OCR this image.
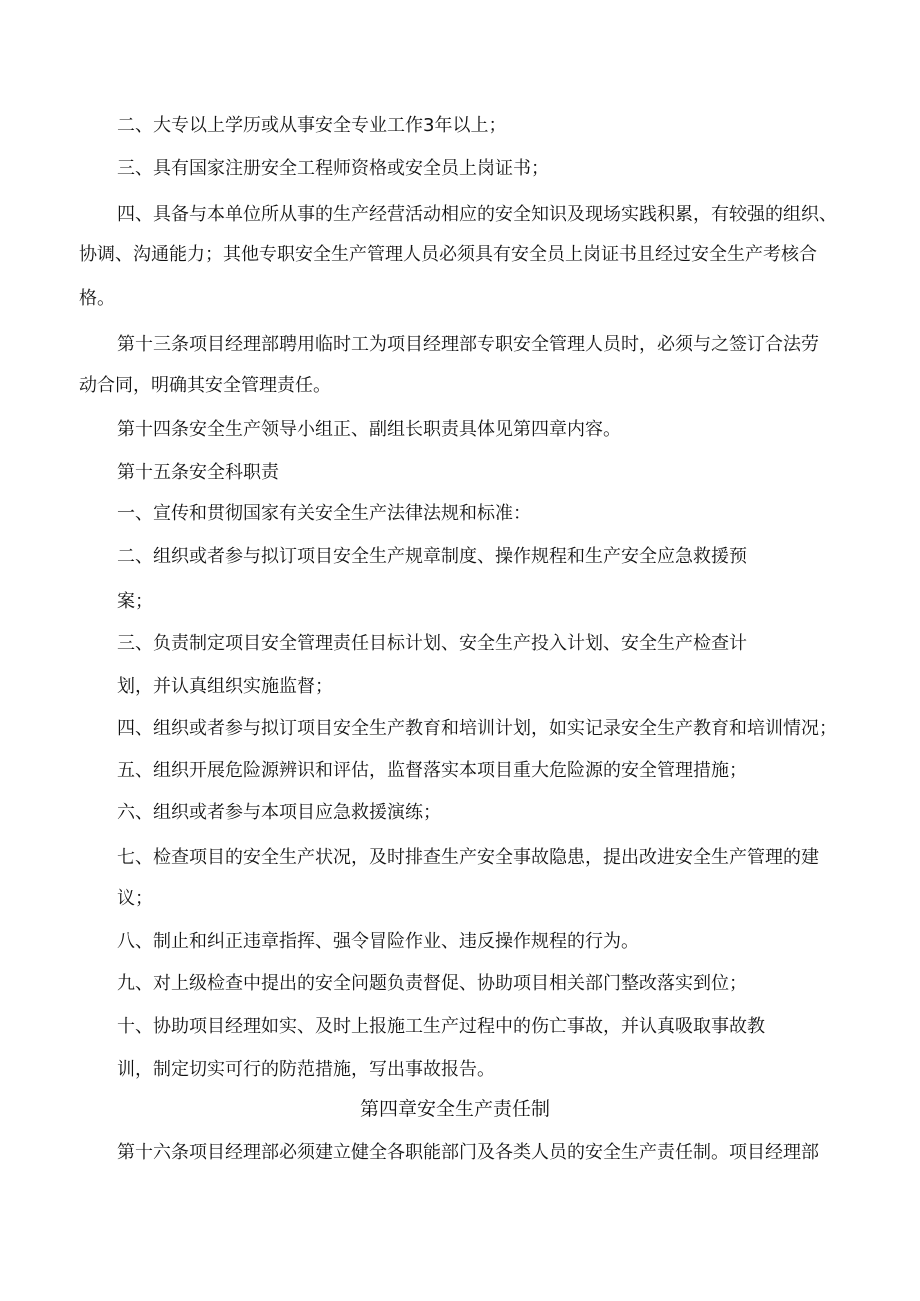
二、大专以上学历或从事安全专业工作3年以上；
三、具有国家注册安全工程师资格或安全员上岗证书；
四、具备与本单位所从事的生产经营活动相应的安全知识及现场实践积累，有较强的组织、
协调、沟通能力；其他专职安全生产管理人员必须具有安全员上岗证书且经过安全生产考核合
格。
第十三条项目经理部聘用临时工为项目经理部专职安全管理人员时，必须与之签订合法劳
动合同，明确其安全管理责任。
第十四条安全生产领导小组正、副组长职责具体见第四章内容。
第十五条安全科职责
一、宣传和贯彻国家有关安全生产法律法规和标准：
二、组织或者参与拟订项目安全生产规章制度、操作规程和生产安全应急救援预
案；
三、负责制定项目安全管理责任目标计划、安全生产投入计划、安全生产检查计
划，并认真组织实施监督；
四、组织或者参与拟订项目安全生产教育和培训计划，如实记录安全生产教育和培训情况；
五、组织开展危险源辨识和评估，监督落实本项目重大危险源的安全管理措施；
六、组织或者参与本项目应急救援演练；
七、检查项目的安全生产状况，及时排查生产安全事故隐患，提出改进安全生产管理的建
议；
八、制止和纠正违章指挥、强令冒险作业、违反操作规程的行为。
九、对上级检查中提出的安全问题负责督促、协助项目相关部门整改落实到位；
十、协助项目经理如实、及时上报施工生产过程中的伤亡事故，并认真吸取事故教
训，制定切实可行的防范措施，写出事故报告。
第四章安全生产责任制
第十六条项目经理部必须建立健全各职能部门及各类人员的安全生产责任制。项目经理部
